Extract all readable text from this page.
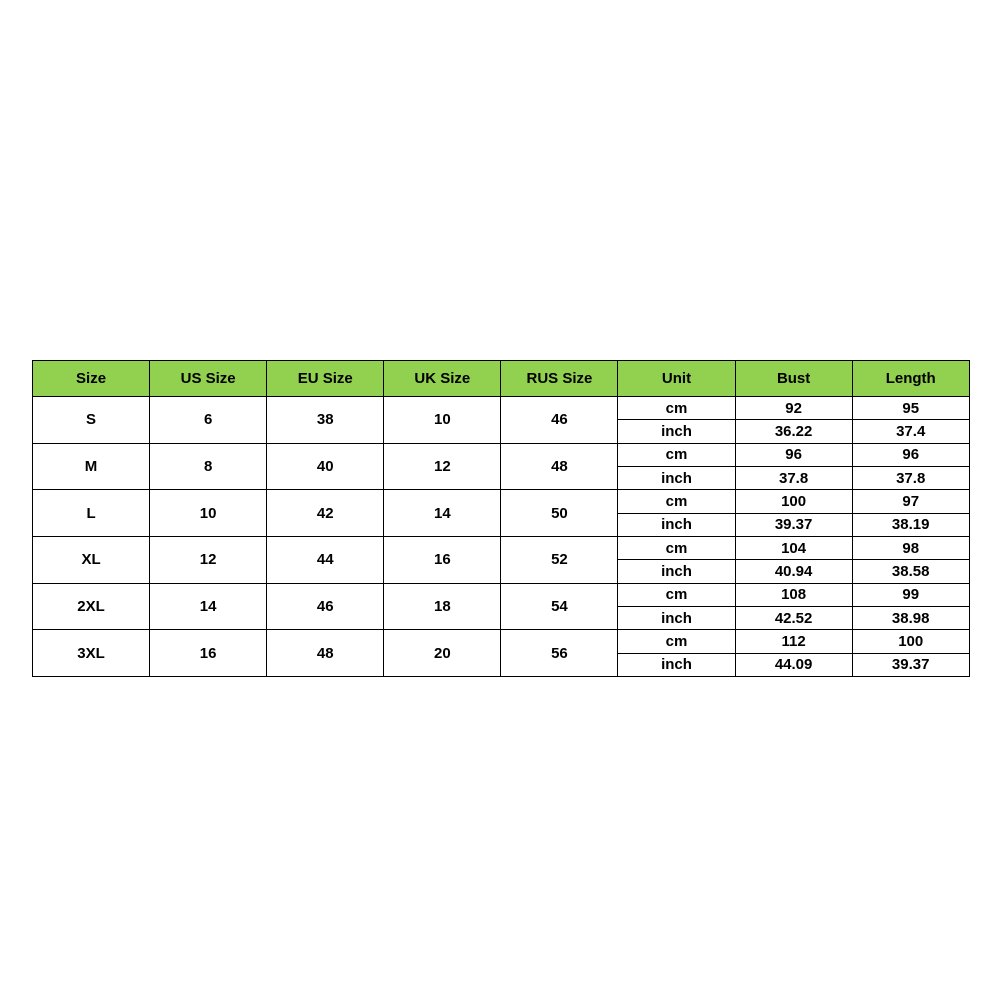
Size	US Size	EU Size	UK Size	RUS Size	Unit	Bust	Length
S	6	38	10	46	cm	92	95
					inch	36.22	37.4
M	8	40	12	48	cm	96	96
					inch	37.8	37.8
L	10	42	14	50	cm	100	97
					inch	39.37	38.19
XL	12	44	16	52	cm	104	98
					inch	40.94	38.58
2XL	14	46	18	54	cm	108	99
					inch	42.52	38.98
3XL	16	48	20	56	cm	112	100
					inch	44.09	39.37
